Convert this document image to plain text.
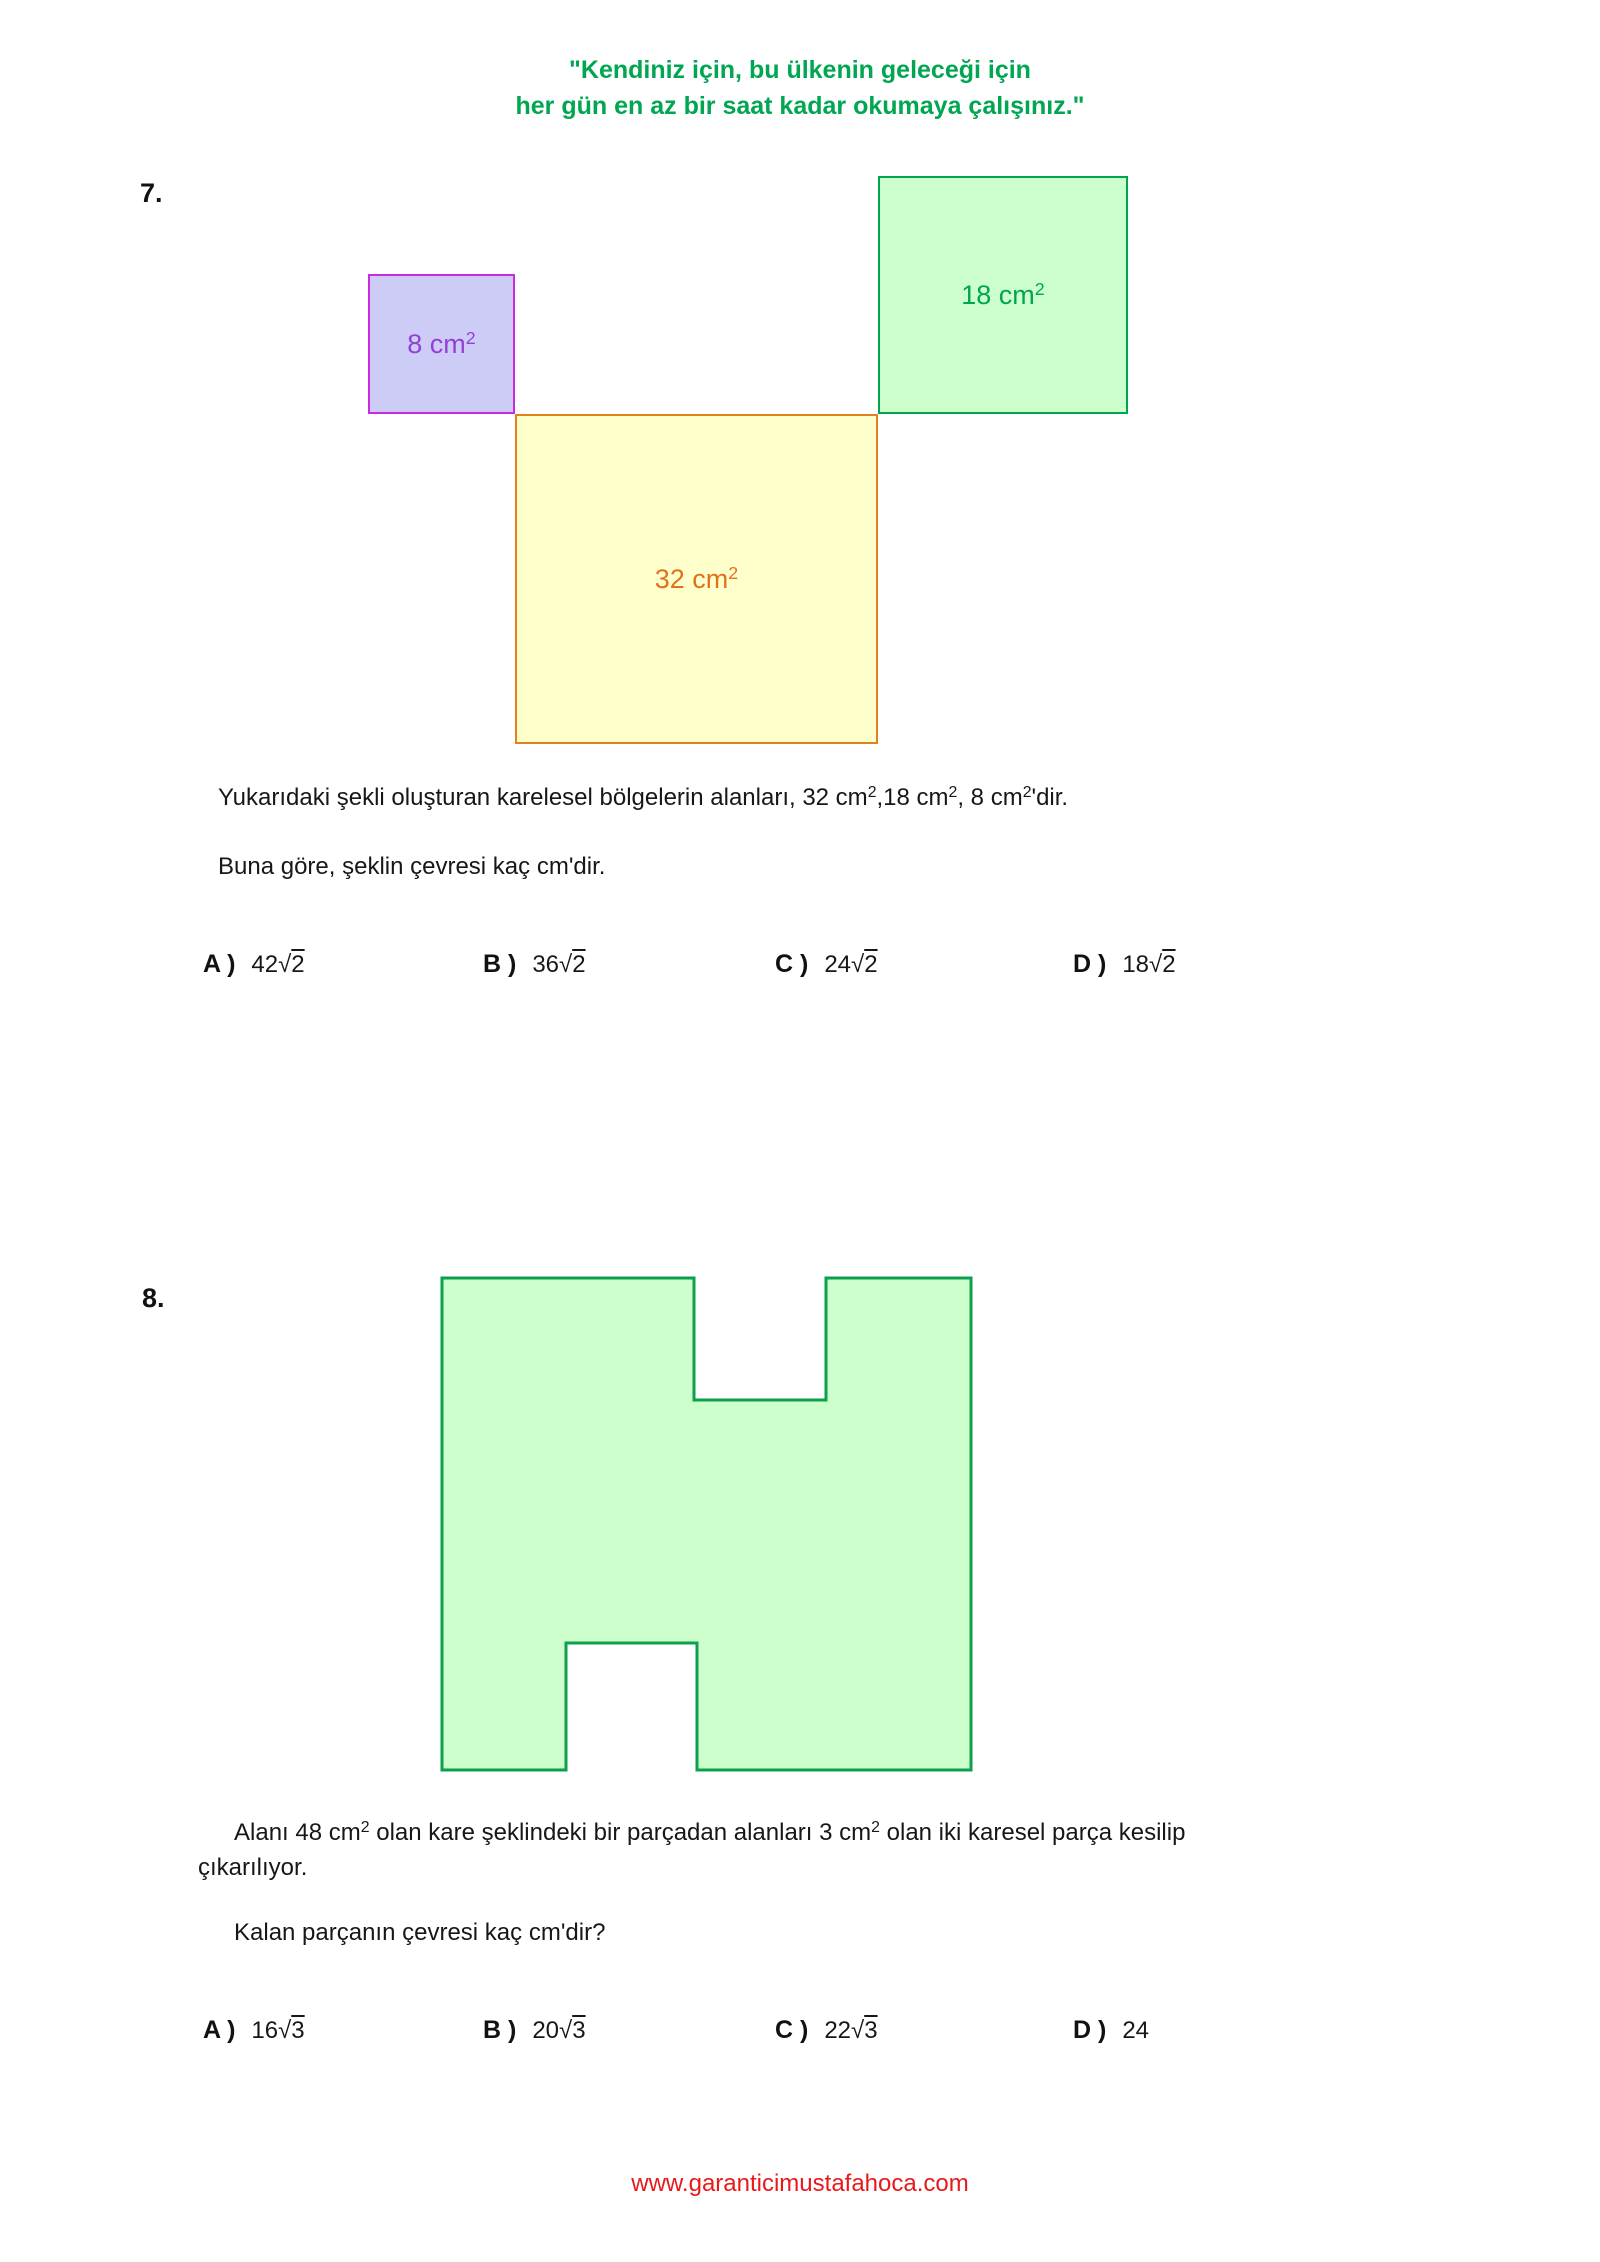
"Kendiniz için, bu ülkenin geleceği için
her gün en az bir saat kadar okumaya çalışınız."
7.
8 $cm^2$
18 $cm^2$
32 $cm^2$
Yukarıdaki şekli oluşturan karelesel bölgelerin alanları, 32 $cm^2,18$ $cm^2$, 8 $cm^2'dir$.
Buna göre, şeklin çevresi kaç cm'dir.
A ) 42√2	B ) 36√2	C ) 24√2	D ) 18√2
8.
Alanı 48 $cm^2$ olan kare şeklindeki bir parçadan alanları 3 $cm^2$ olan iki karesel parça kesilip
çıkarılıyor.
Kalan parçanın çevresi kaç cm'dir?
A ) 16√3	B ) 20√3	C ) 22√3	D ) 24
www.garanticimustafahoca.com
